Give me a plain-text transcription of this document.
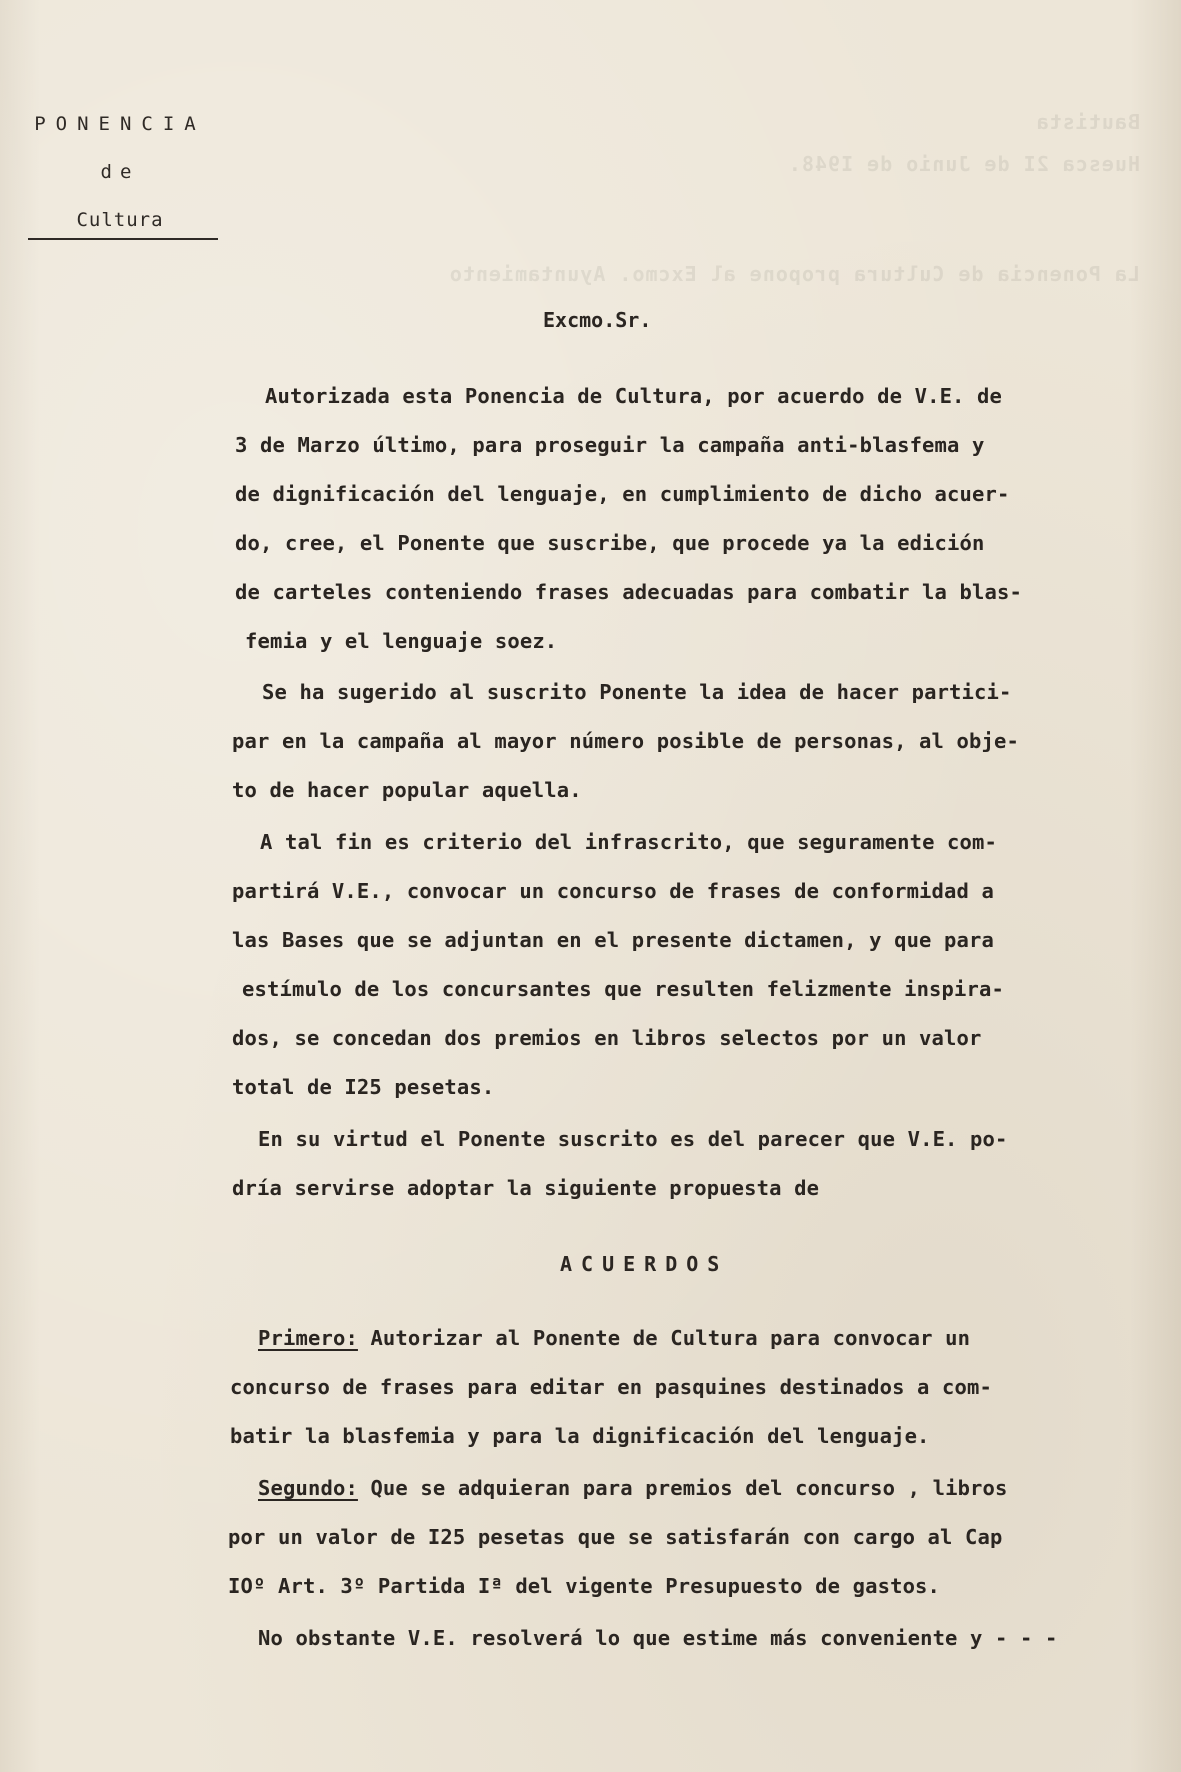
Bautista
Huesca 2I de Junio de I948.
La Ponencia de Cultura propone al Excmo. Ayuntamiento
PONENCIA
de
Cultura
Excmo.Sr.
Autorizada esta Ponencia de Cultura, por acuerdo de V.E. de
3 de Marzo último, para proseguir la campaña anti-blasfema y
de dignificación del lenguaje, en cumplimiento de dicho acuer-
do, cree, el Ponente que suscribe, que procede ya la edición
de carteles conteniendo frases adecuadas para combatir la blas-
femia y el lenguaje soez.
Se ha sugerido al suscrito Ponente la idea de hacer partici-
par en la campaña al mayor número posible de personas, al obje-
to de hacer popular aquella.
A tal fin es criterio del infrascrito, que seguramente com-
partirá V.E., convocar un concurso de frases de conformidad a
las Bases que se adjuntan en el presente dictamen, y que para
estímulo de los concursantes que resulten felizmente inspira-
dos, se concedan dos premios en libros selectos por un valor
total de I25 pesetas.
En su virtud el Ponente suscrito es del parecer que V.E. po-
dría servirse adoptar la siguiente propuesta de
ACUERDOS
Primero: Autorizar al Ponente de Cultura para convocar un
concurso de frases para editar en pasquines destinados a com-
batir la blasfemia y para la dignificación del lenguaje.
Segundo: Que se adquieran para premios del concurso , libros
por un valor de I25 pesetas que se satisfarán con cargo al Cap
IOº Art. 3º Partida Iª del vigente Presupuesto de gastos.
No obstante V.E. resolverá lo que estime más conveniente y - - -
